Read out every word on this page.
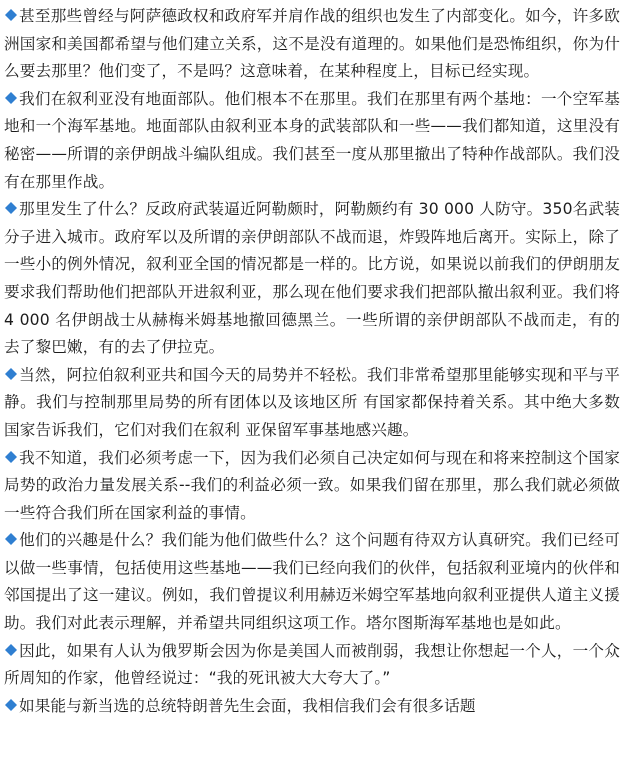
甚至那些曾经与阿萨德政权和政府军并肩作战的组织也发生了内部变化。如今，许多欧洲国家和美国都希望与他们建立关系，这不是没有道理的。如果他们是恐怖组织，你为什么要去那里？他们变了，不是吗？这意味着，在某种程度上，目标已经实现。

我们在叙利亚没有地面部队。他们根本不在那里。我们在那里有两个基地：一个空军基地和一个海军基地。地面部队由叙利亚本身的武装部队和一些——我们都知道，这里没有秘密——所谓的亲伊朗战斗编队组成。我们甚至一度从那里撤出了特种作战部队。我们没有在那里作战。

那里发生了什么？反政府武装逼近阿勒颇时，阿勒颇约有 30 000 人防守。350名武装分子进入城市。政府军以及所谓的亲伊朗部队不战而退，炸毁阵地后离开。实际上，除了一些小的例外情况，叙利亚全国的情况都是一样的。比方说，如果说以前我们的伊朗朋友要求我们帮助他们把部队开进叙利亚，那么现在他们要求我们把部队撤出叙利亚。我们将 4 000 名伊朗战士从赫梅米姆基地撤回德黑兰。一些所谓的亲伊朗部队不战而走，有的去了黎巴嫩，有的去了伊拉克。

当然，阿拉伯叙利亚共和国今天的局势并不轻松。我们非常希望那里能够实现和平与平静。我们与控制那里局势的所有团体以及该地区所 有国家都保持着关系。其中绝大多数国家告诉我们，它们对我们在叙利 亚保留军事基地感兴趣。

我不知道，我们必须考虑一下，因为我们必须自己决定如何与现在和将来控制这个国家局势的政治力量发展关系--我们的利益必须一致。如果我们留在那里，那么我们就必须做一些符合我们所在国家利益的事情。

他们的兴趣是什么？我们能为他们做些什么？这个问题有待双方认真研究。我们已经可以做一些事情，包括使用这些基地——我们已经向我们的伙伴，包括叙利亚境内的伙伴和邻国提出了这一建议。例如，我们曾提议利用赫迈米姆空军基地向叙利亚提供人道主义援助。我们对此表示理解，并希望共同组织这项工作。塔尔图斯海军基地也是如此。

因此，如果有人认为俄罗斯会因为你是美国人而被削弱，我想让你想起一个人，一个众所周知的作家，他曾经说过：“我的死讯被大大夸大了。”

如果能与新当选的总统特朗普先生会面，我相信我们会有很多话题
